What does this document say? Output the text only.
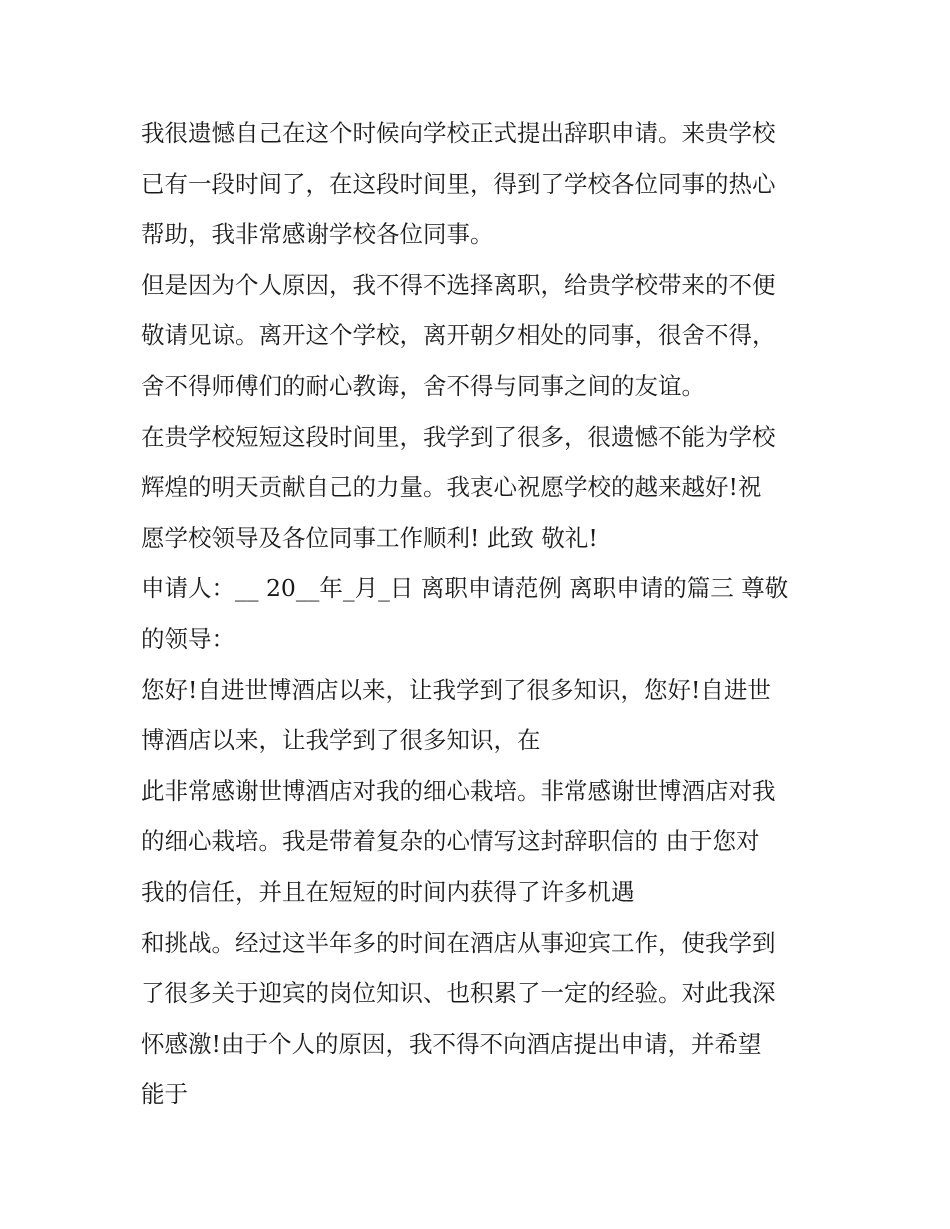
我很遗憾自己在这个时候向学校正式提出辞职申请。来贵学校
已有一段时间了，在这段时间里，得到了学校各位同事的热心
帮助，我非常感谢学校各位同事。
但是因为个人原因，我不得不选择离职，给贵学校带来的不便
敬请见谅。离开这个学校，离开朝夕相处的同事，很舍不得，
舍不得师傅们的耐心教诲，舍不得与同事之间的友谊。
在贵学校短短这段时间里，我学到了很多，很遗憾不能为学校
辉煌的明天贡献自己的力量。我衷心祝愿学校的越来越好!祝
愿学校领导及各位同事工作顺利! 此致 敬礼!
申请人：__ 20__年_月_日 离职申请范例 离职申请的篇三 尊敬
的领导：
您好!自进世博酒店以来，让我学到了很多知识，您好!自进世
博酒店以来，让我学到了很多知识，在
此非常感谢世博酒店对我的细心栽培。非常感谢世博酒店对我
的细心栽培。我是带着复杂的心情写这封辞职信的 由于您对
我的信任，并且在短短的时间内获得了许多机遇
和挑战。经过这半年多的时间在酒店从事迎宾工作，使我学到
了很多关于迎宾的岗位知识、也积累了一定的经验。对此我深
怀感激!由于个人的原因，我不得不向酒店提出申请，并希望
能于
